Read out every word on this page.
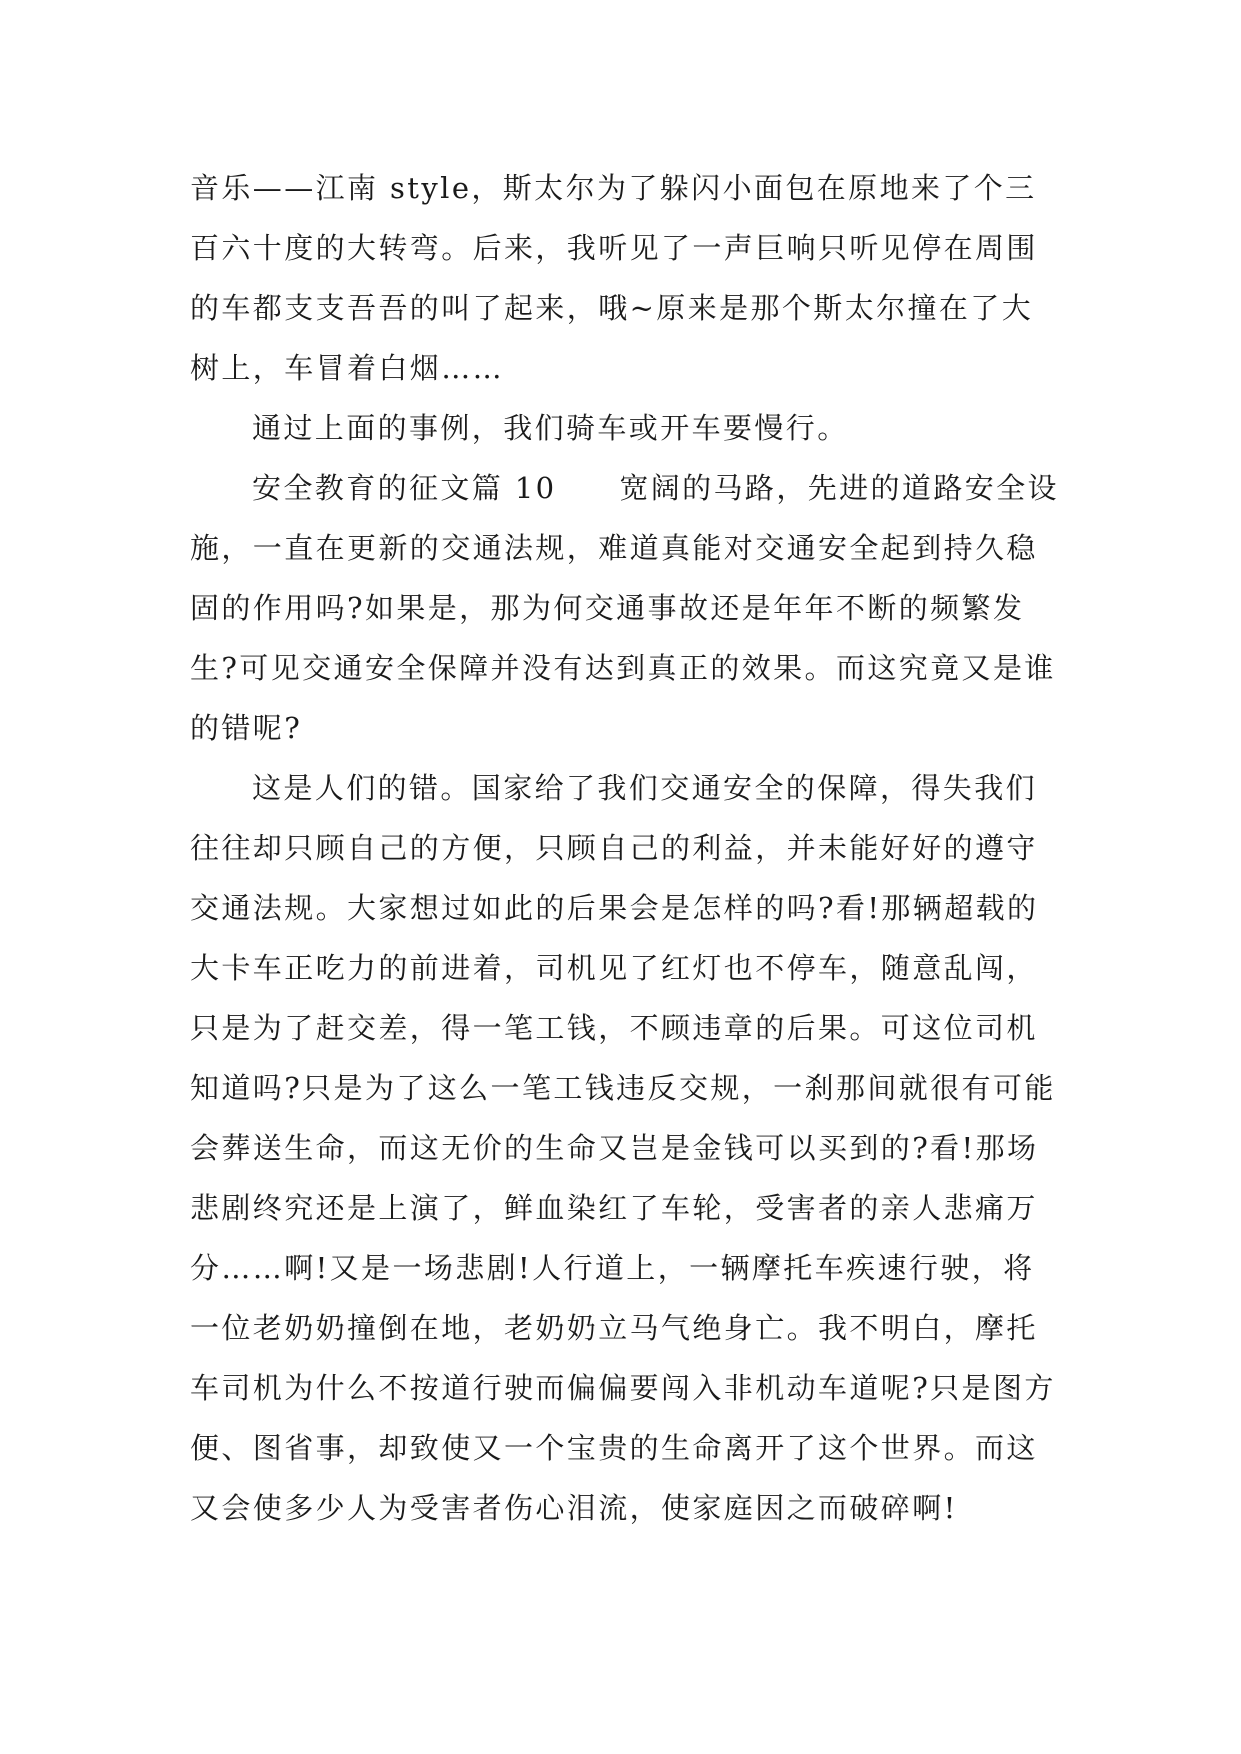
音乐——江南 style，斯太尔为了躲闪小面包在原地来了个三百六十度的大转弯。后来，我听见了一声巨响只听见停在周围的车都支支吾吾的叫了起来，哦~原来是那个斯太尔撞在了大树上，车冒着白烟……

通过上面的事例，我们骑车或开车要慢行。

安全教育的征文篇 10　　宽阔的马路，先进的道路安全设施，一直在更新的交通法规，难道真能对交通安全起到持久稳固的作用吗?如果是，那为何交通事故还是年年不断的频繁发生?可见交通安全保障并没有达到真正的效果。而这究竟又是谁的错呢?

这是人们的错。国家给了我们交通安全的保障，得失我们往往却只顾自己的方便，只顾自己的利益，并未能好好的遵守交通法规。大家想过如此的后果会是怎样的吗?看!那辆超载的大卡车正吃力的前进着，司机见了红灯也不停车，随意乱闯，只是为了赶交差，得一笔工钱，不顾违章的后果。可这位司机知道吗?只是为了这么一笔工钱违反交规，一刹那间就很有可能会葬送生命，而这无价的生命又岂是金钱可以买到的?看!那场悲剧终究还是上演了，鲜血染红了车轮，受害者的亲人悲痛万分……啊!又是一场悲剧!人行道上，一辆摩托车疾速行驶，将一位老奶奶撞倒在地，老奶奶立马气绝身亡。我不明白，摩托车司机为什么不按道行驶而偏偏要闯入非机动车道呢?只是图方便、图省事，却致使又一个宝贵的生命离开了这个世界。而这又会使多少人为受害者伤心泪流，使家庭因之而破碎啊!
